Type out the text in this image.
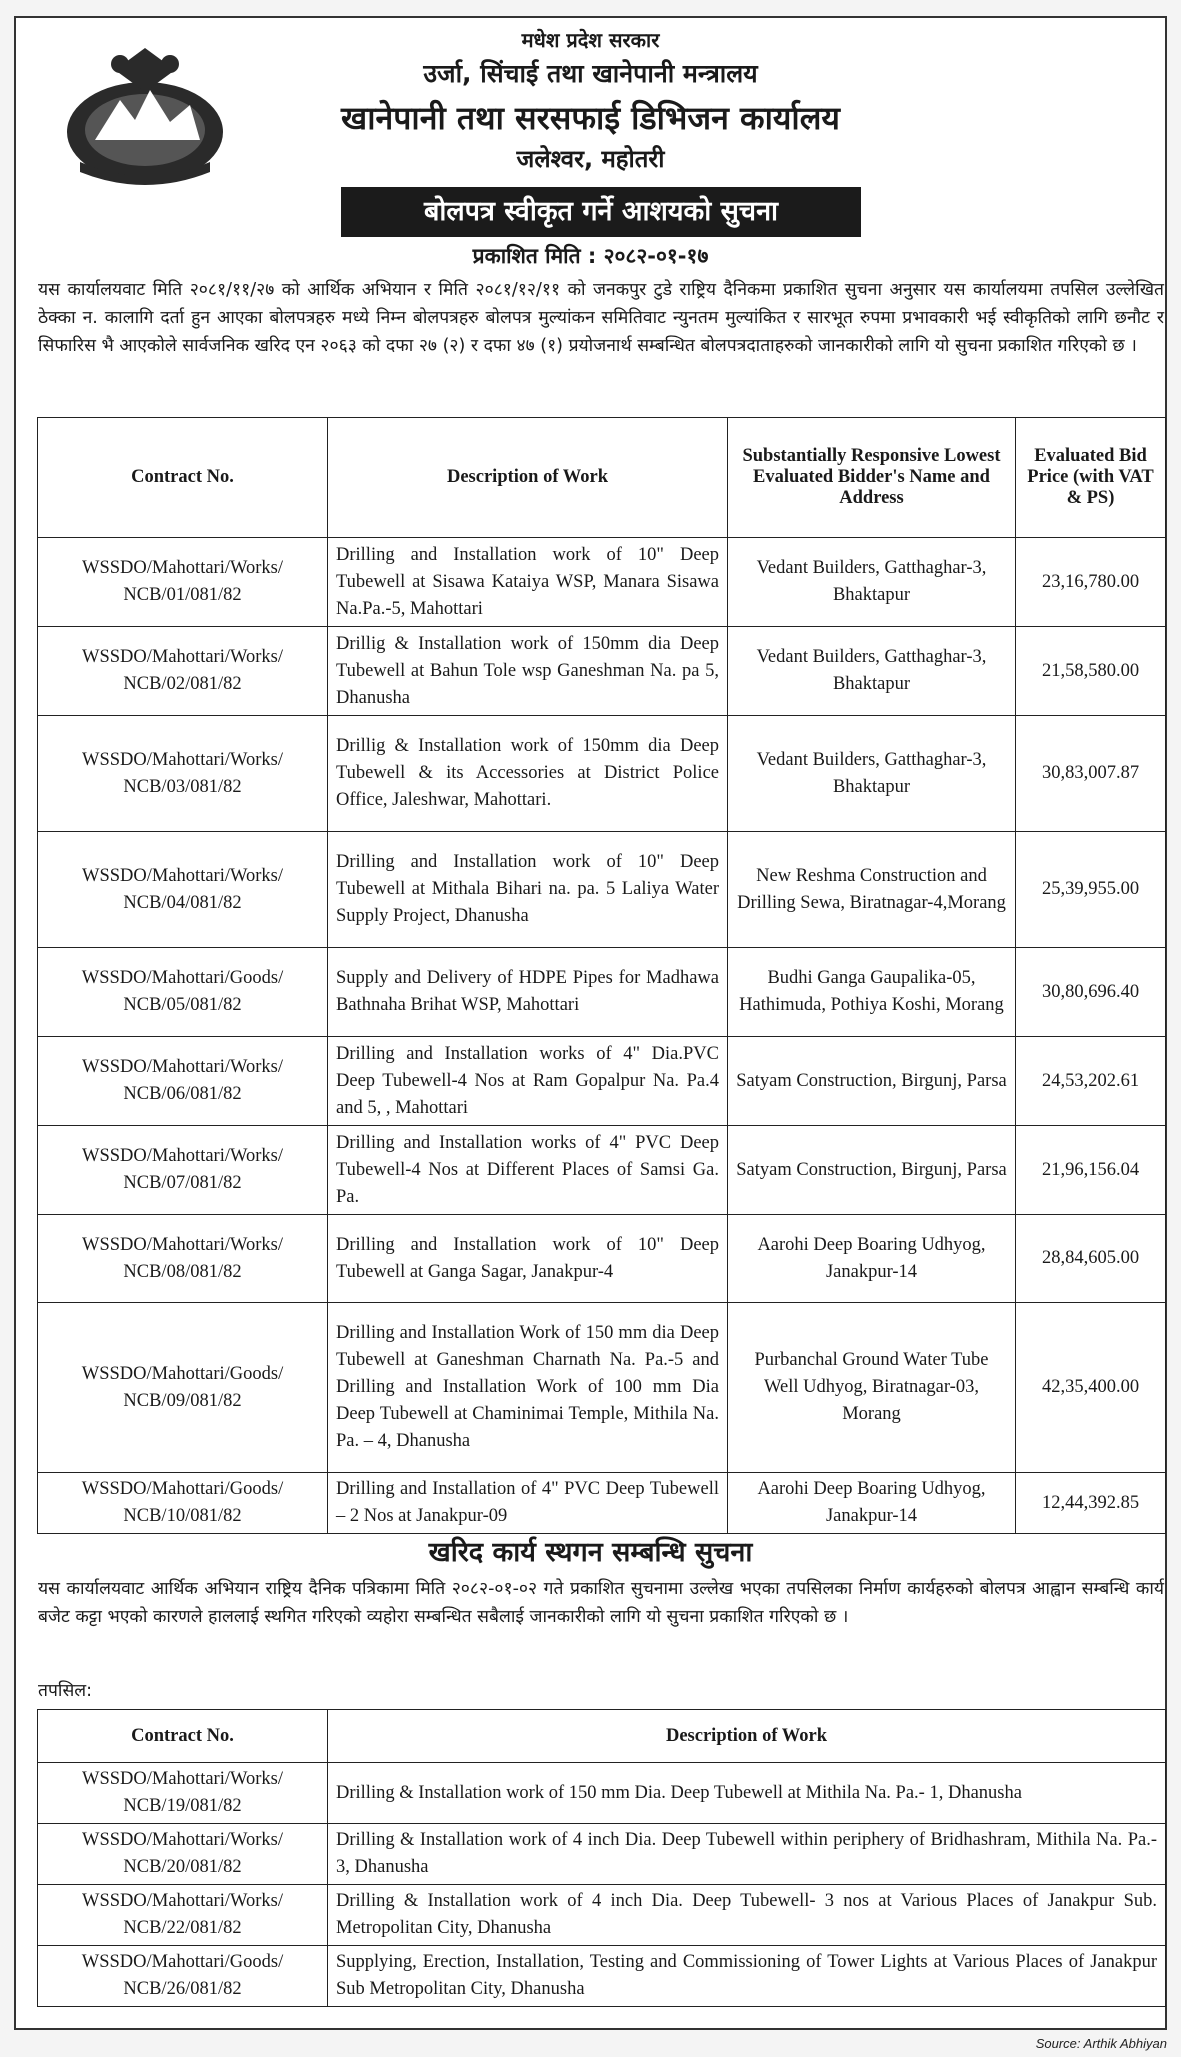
मधेश प्रदेश सरकार
उर्जा, सिंचाई तथा खानेपानी मन्त्रालय
खानेपानी तथा सरसफाई डिभिजन कार्यालय
जलेश्वर, महोतरी
बोलपत्र स्वीकृत गर्ने आशयको सुचना
प्रकाशित मिति : २०८२-०१-१७
यस कार्यालयवाट मिति २०८१/११/२७ को आर्थिक अभियान र मिति २०८१/१२/११ को जनकपुर टुडे राष्ट्रिय दैनिकमा प्रकाशित सुचना अनुसार यस कार्यालयमा तपसिल उल्लेखित ठेक्का न. कालागि दर्ता हुन आएका बोलपत्रहरु मध्ये निम्न बोलपत्रहरु बोलपत्र मुल्यांकन समितिवाट न्युनतम मुल्यांकित र सारभूत रुपमा प्रभावकारी भई स्वीकृतिको लागि छनौट र सिफारिस भै आएकोले सार्वजनिक खरिद एन २०६३ को दफा २७ (२) र दफा ४७ (१) प्रयोजनार्थ सम्बन्धित बोलपत्रदाताहरुको जानकारीको लागि यो सुचना प्रकाशित गरिएको छ ।
Contract No.	Description of Work	Substantially Responsive Lowest Evaluated Bidder's Name and Address	Evaluated Bid Price (with VAT & PS)
WSSDO/Mahottari/Works/ NCB/01/081/82	Drilling and Installation work of 10" Deep Tubewell at Sisawa Kataiya WSP, Manara Sisawa Na.Pa.-5, Mahottari	Vedant Builders, Gatthaghar-3, Bhaktapur	23,16,780.00
WSSDO/Mahottari/Works/ NCB/02/081/82	Drillig & Installation work of 150mm dia Deep Tubewell at Bahun Tole wsp Ganeshman Na. pa 5, Dhanusha	Vedant Builders, Gatthaghar-3, Bhaktapur	21,58,580.00
WSSDO/Mahottari/Works/ NCB/03/081/82	Drillig & Installation work of 150mm dia Deep Tubewell & its Accessories at District Police Office, Jaleshwar, Mahottari.	Vedant Builders, Gatthaghar-3, Bhaktapur	30,83,007.87
WSSDO/Mahottari/Works/ NCB/04/081/82	Drilling and Installation work of 10" Deep Tubewell at Mithala Bihari na. pa. 5 Laliya Water Supply Project, Dhanusha	New Reshma Construction and Drilling Sewa, Biratnagar-4,Morang	25,39,955.00
WSSDO/Mahottari/Goods/ NCB/05/081/82	Supply and Delivery of HDPE Pipes for Madhawa Bathnaha Brihat WSP, Mahottari	Budhi Ganga Gaupalika-05, Hathimuda, Pothiya Koshi, Morang	30,80,696.40
WSSDO/Mahottari/Works/ NCB/06/081/82	Drilling and Installation works of 4" Dia.PVC Deep Tubewell-4 Nos at Ram Gopalpur Na. Pa.4 and 5, , Mahottari	Satyam Construction, Birgunj, Parsa	24,53,202.61
WSSDO/Mahottari/Works/ NCB/07/081/82	Drilling and Installation works of 4" PVC Deep Tubewell-4 Nos at Different Places of Samsi Ga. Pa.	Satyam Construction, Birgunj, Parsa	21,96,156.04
WSSDO/Mahottari/Works/ NCB/08/081/82	Drilling and Installation work of 10" Deep Tubewell at Ganga Sagar, Janakpur-4	Aarohi Deep Boaring Udhyog, Janakpur-14	28,84,605.00
WSSDO/Mahottari/Goods/ NCB/09/081/82	Drilling and Installation Work of 150 mm dia Deep Tubewell at Ganeshman Charnath Na. Pa.-5 and Drilling and Installation Work of 100 mm Dia Deep Tubewell at Chaminimai Temple, Mithila Na. Pa. – 4, Dhanusha	Purbanchal Ground Water Tube Well Udhyog, Biratnagar-03, Morang	42,35,400.00
WSSDO/Mahottari/Goods/ NCB/10/081/82	Drilling and Installation of 4" PVC Deep Tubewell – 2 Nos at Janakpur-09	Aarohi Deep Boaring Udhyog, Janakpur-14	12,44,392.85
खरिद कार्य स्थगन सम्बन्धि सुचना
यस कार्यालयवाट आर्थिक अभियान राष्ट्रिय दैनिक पत्रिकामा मिति २०८२-०१-०२ गते प्रकाशित सुचनामा उल्लेख भएका तपसिलका निर्माण कार्यहरुको बोलपत्र आह्वान सम्बन्धि कार्य बजेट कट्टा भएको कारणले हाललाई स्थगित गरिएको व्यहोरा सम्बन्धित सबैलाई जानकारीको लागि यो सुचना प्रकाशित गरिएको छ ।
तपसिल:
Contract No.	Description of Work
WSSDO/Mahottari/Works/ NCB/19/081/82	Drilling & Installation work of 150 mm Dia. Deep Tubewell at Mithila Na. Pa.- 1, Dhanusha
WSSDO/Mahottari/Works/ NCB/20/081/82	Drilling & Installation work of 4 inch Dia. Deep Tubewell within periphery of Bridhashram, Mithila Na. Pa.- 3, Dhanusha
WSSDO/Mahottari/Works/ NCB/22/081/82	Drilling & Installation work of 4 inch Dia. Deep Tubewell- 3 nos at Various Places of Janakpur Sub. Metropolitan City, Dhanusha
WSSDO/Mahottari/Goods/ NCB/26/081/82	Supplying, Erection, Installation, Testing and Commissioning of Tower Lights at Various Places of Janakpur Sub Metropolitan City, Dhanusha
Source: Arthik Abhiyan
